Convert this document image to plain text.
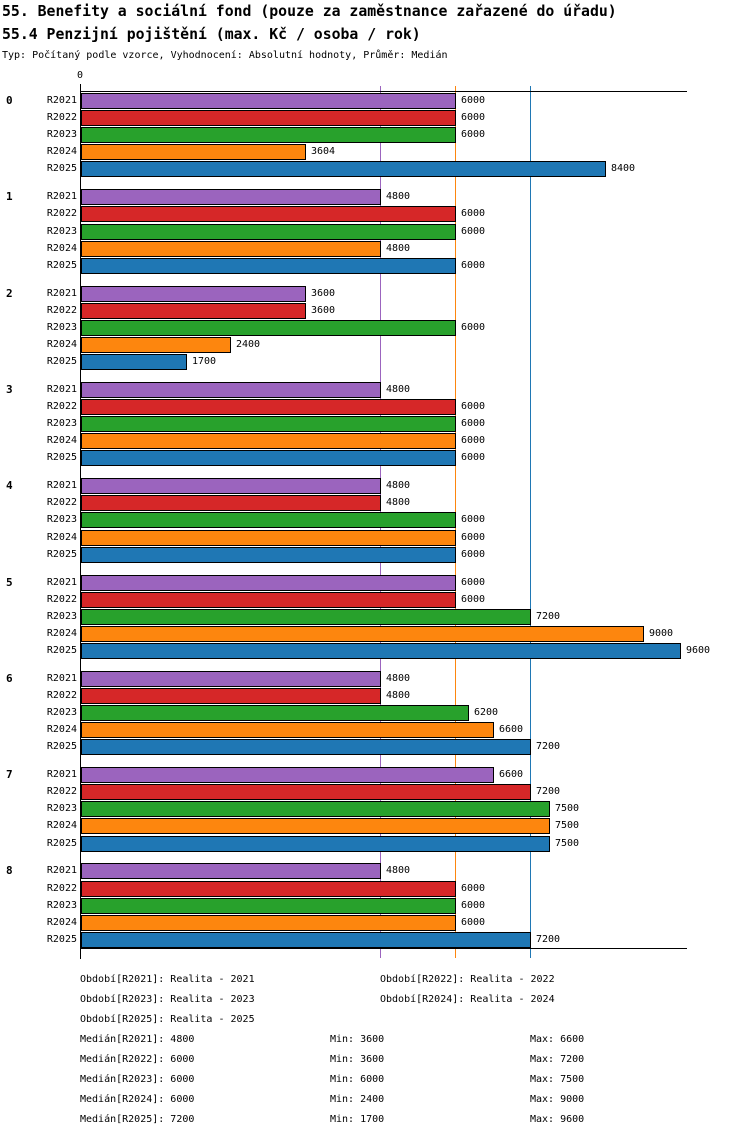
55. Benefity a sociální fond (pouze za zaměstnance zařazené do úřadu)
55.4 Penzijní pojištění (max. Kč / osoba / rok)
Typ: Počítaný podle vzorce, Vyhodnocení: Absolutní hodnoty, Průměr: Medián
0
0	R2021	6000
R2022	6000
R2023	6000
R2024	3604
R2025	8400
1	R2021	4800
R2022	6000
R2023	6000
R2024	4800
R2025	6000
2	R2021	3600
R2022	3600
R2023	6000
R2024	2400
R2025	1700
3	R2021	4800
R2022	6000
R2023	6000
R2024	6000
R2025	6000
4	R2021	4800
R2022	4800
R2023	6000
R2024	6000
R2025	6000
5	R2021	6000
R2022	6000
R2023	7200
R2024	9000
R2025	9600
6	R2021	4800
R2022	4800
R2023	6200
R2024	6600
R2025	7200
7	R2021	6600
R2022	7200
R2023	7500
R2024	7500
R2025	7500
8	R2021	4800
R2022	6000
R2023	6000
R2024	6000
R2025	7200
Období[R2021]: Realita - 2021	Období[R2022]: Realita - 2022
Období[R2023]: Realita - 2023	Období[R2024]: Realita - 2024
Období[R2025]: Realita - 2025
Medián[R2021]: 4800	Min: 3600	Max: 6600
Medián[R2022]: 6000	Min: 3600	Max: 7200
Medián[R2023]: 6000	Min: 6000	Max: 7500
Medián[R2024]: 6000	Min: 2400	Max: 9000
Medián[R2025]: 7200	Min: 1700	Max: 9600
